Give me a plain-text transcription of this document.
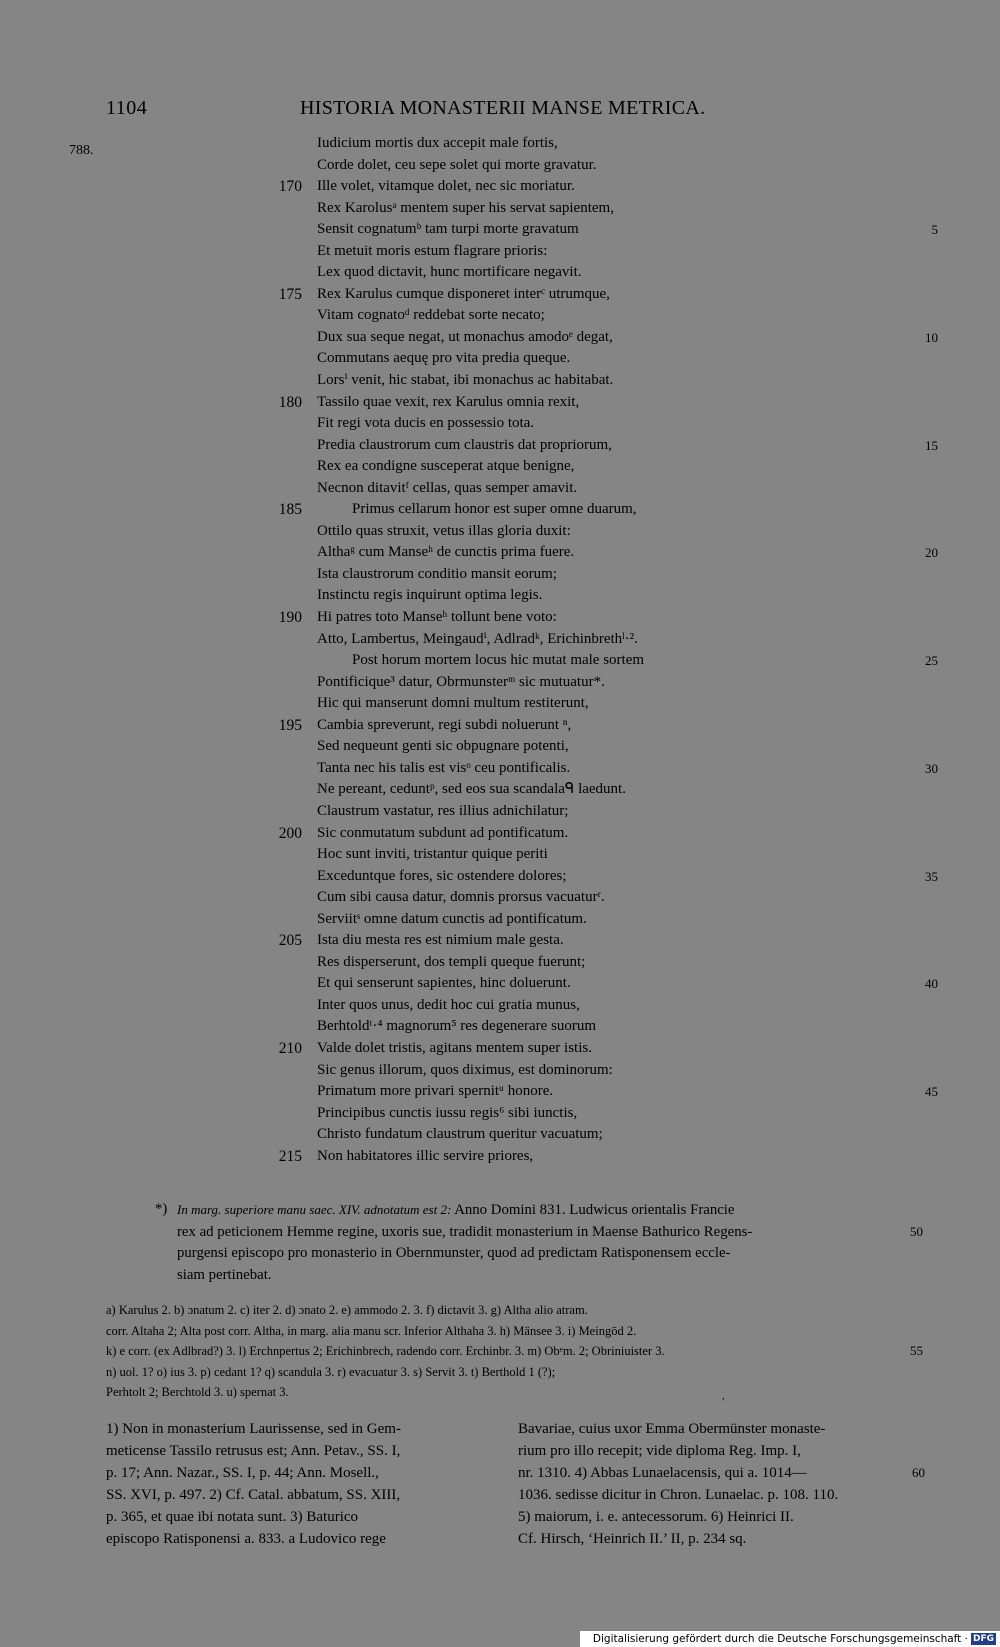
1104	HISTORIA MONASTERII MANSE METRICA.
788.	Iudicium mortis dux accepit male fortis,
Corde dolet, ceu sepe solet qui morte gravatur.
170 Ille volet, vitamque dolet, nec sic moriatur.
Rex Karolusᵃ mentem super his servat sapientem,
Sensit cognatumᵇ tam turpi morte gravatum	5
Et metuit moris estum flagrare prioris:
Lex quod dictavit, hunc mortificare negavit.
175 Rex Karulus cumque disponeret interᶜ utrumque,
Vitam cognatoᵈ reddebat sorte necato;
Dux sua seque negat, ut monachus amodoᵉ degat,	10
Commutans aequę pro vita predia queque.
Lorsⁱ venit, hic stabat, ibi monachus ac habitabat.
180 Tassilo quae vexit, rex Karulus omnia rexit,
Fit regi vota ducis en possessio tota.
Predia claustrorum cum claustris dat propriorum,	15
Rex ea condigne susceperat atque benigne,
Necnon ditavitᶠ cellas, quas semper amavit.
185	Primus cellarum honor est super omne duarum,
Ottilo quas struxit, vetus illas gloria duxit:
Althaᵍ cum Manseʰ de cunctis prima fuere.	20
Ista claustrorum conditio mansit eorum;
Instinctu regis inquirunt optima legis.
190 Hi patres toto Manseʰ tollunt bene voto:
Atto, Lambertus, Meingaudⁱ, Adlradᵏ, Erichinbrethˡ·².
Post horum mortem locus hic mutat male sortem	25
Pontificique³ datur, Obrmunsterᵐ sic mutuatur*.
Hic qui manserunt domni multum restiterunt,
195 Cambia spreverunt, regi subdi noluerunt ⁿ,
Sed nequeunt genti sic obpugnare potenti,
Tanta nec his talis est visᵒ ceu pontificalis.	30
Ne pereant, ceduntᵖ, sed eos sua scandalaᑫ laedunt.
Claustrum vastatur, res illius adnichilatur;
200 Sic conmutatum subdunt ad pontificatum.
Hoc sunt inviti, tristantur quique periti
Exceduntque fores, sic ostendere dolores;	35
Cum sibi causa datur, domnis prorsus vacuaturʳ.
Serviitˢ omne datum cunctis ad pontificatum.
205 Ista diu mesta res est nimium male gesta.
Res disperserunt, dos templi queque fuerunt;
Et qui senserunt sapientes, hinc doluerunt.	40
Inter quos unus, dedit hoc cui gratia munus,
Berhtoldᵗ·⁴ magnorum⁵ res degenerare suorum
210 Valde dolet tristis, agitans mentem super istis.
Sic genus illorum, quos diximus, est dominorum:
Primatum more privari spernitᵘ honore.	45
Principibus cunctis iussu regis⁶ sibi iunctis,
Christo fundatum claustrum queritur vacuatum;
215 Non habitatores illic servire priores,
*) In marg. superiore manu saec. XIV. adnotatum est 2: Anno Domini 831. Ludwicus orientalis Francie
rex ad peticionem Hemme regine, uxoris sue, tradidit monasterium in Maense Bathurico Regens-
purgensi episcopo pro monasterio in Obernmunster, quod ad predictam Ratisponensem eccle-
siam pertinebat.
50
a) Karulus 2. b) ɔnatum 2. c) iter 2. d) ɔnato 2. e) ammodo 2. 3. f) dictavit 3. g) Altha alio atram.
corr. Altaha 2; Alta post corr. Altha, in marg. alia manu scr. Inferior Althaha 3. h) Mänsee 3. i) Meingōd 2.
k) e corr. (ex Adlbrad?) 3. l) Erchnpertus 2; Erichinbrech, radendo corr. Erchinbr. 3. m) Obᵉm. 2; Obriniuister 3.	55
n) uol. 1? o) ius 3. p) cedant 1? q) scandula 3. r) evacuatur 3. s) Servit 3. t) Berthold 1 (?);
Perhtolt 2; Berchtold 3. u) spernat 3.	,
1) Non in monasterium Laurissense, sed in Gem-
meticense Tassilo retrusus est; Ann. Petav., SS. I,
p. 17; Ann. Nazar., SS. I, p. 44; Ann. Mosell.,
SS. XVI, p. 497. 2) Cf. Catal. abbatum, SS. XIII,
p. 365, et quae ibi notata sunt. 3) Baturico
episcopo Ratisponensi a. 833. a Ludovico rege
Bavariae, cuius uxor Emma Obermünster monaste-
rium pro illo recepit; vide diploma Reg. Imp. I,
nr. 1310. 4) Abbas Lunaelacensis, qui a. 1014—
1036. sedisse dicitur in Chron. Lunaelac. p. 108. 110.
5) maiorum, i. e. antecessorum. 6) Heinrici II.
Cf. Hirsch, ‘Heinrich II.’ II, p. 234 sq.
60
Digitalisierung gefördert durch die Deutsche Forschungsgemeinschaft · DFG
